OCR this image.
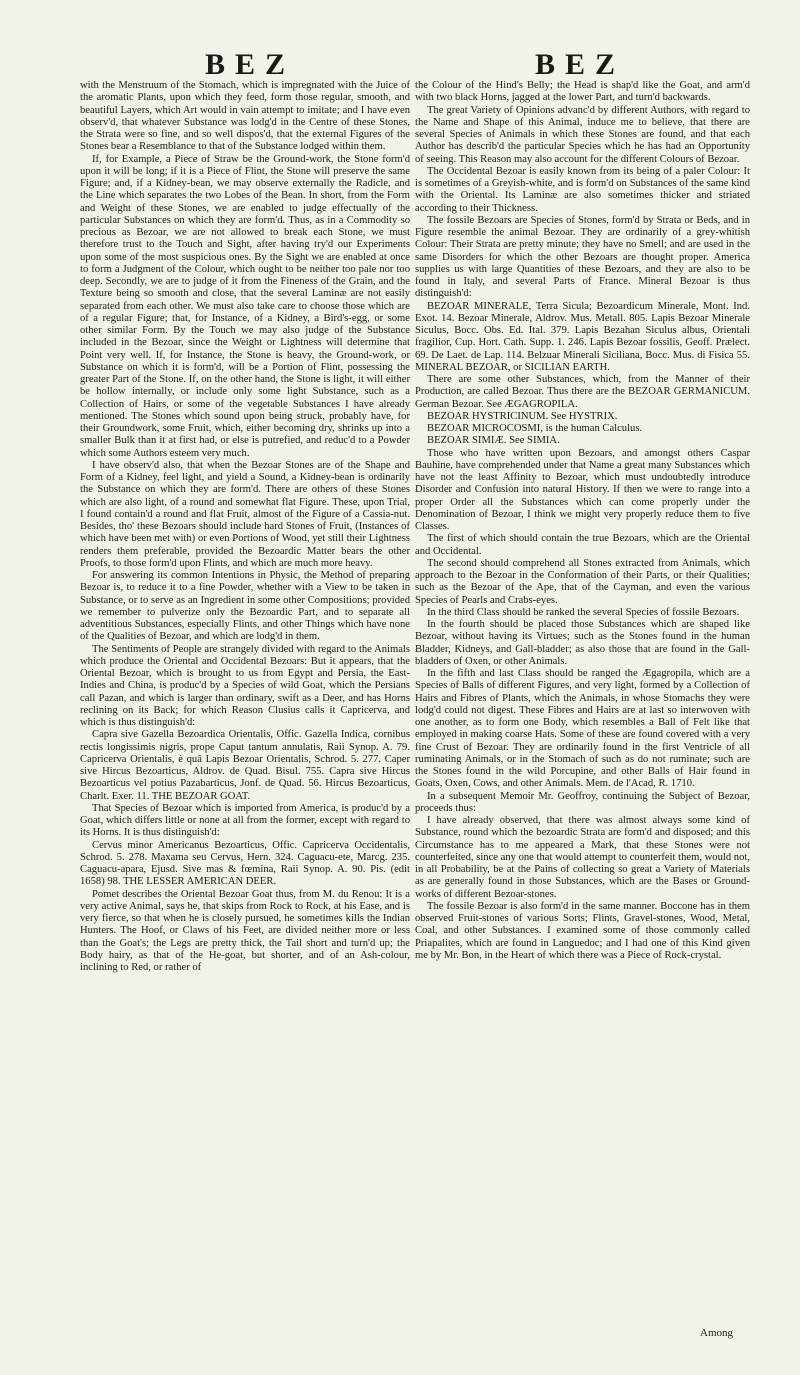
BEZ	BEZ

with the Menstruum of the Stomach, which is impregnated with the Juice of the aromatic Plants, upon which they feed, form those regular, smooth, and beautiful Layers, which Art would in vain attempt to imitate; and I have even observ'd, that whatever Substance was lodg'd in the Centre of these Stones, the Strata were so fine, and so well dispos'd, that the external Figures of the Stones bear a Resemblance to that of the Substance lodged within them.

If, for Example, a Piece of Straw be the Ground-work, the Stone form'd upon it will be long; if it is a Piece of Flint, the Stone will preserve the same Figure; and, if a Kidney-bean, we may observe externally the Radicle, and the Line which separates the two Lobes of the Bean. In short, from the Form and Weight of these Stones, we are enabled to judge effectually of the particular Substances on which they are form'd. Thus, as in a Commodity so precious as Bezoar, we are not allowed to break each Stone, we must therefore trust to the Touch and Sight, after having try'd our Experiments upon some of the most suspicious ones. By the Sight we are enabled at once to form a Judgment of the Colour, which ought to be neither too pale nor too deep. Secondly, we are to judge of it from the Fineness of the Grain, and the Texture being so smooth and close, that the several Laminæ are not easily separated from each other. We must also take care to choose those which are of a regular Figure; that, for Instance, of a Kidney, a Bird's-egg, or some other similar Form. By the Touch we may also judge of the Substance included in the Bezoar, since the Weight or Lightness will determine that Point very well. If, for Instance, the Stone is heavy, the Ground-work, or Substance on which it is form'd, will be a Portion of Flint, possessing the greater Part of the Stone. If, on the other hand, the Stone is light, it will either be hollow internally, or include only some light Substance, such as a Collection of Hairs, or some of the vegetable Substances I have already mentioned. The Stones which sound upon being struck, probably have, for their Groundwork, some Fruit, which, either becoming dry, shrinks up into a smaller Bulk than it at first had, or else is putrefied, and reduc'd to a Powder which some Authors esteem very much.

I have observ'd also, that when the Bezoar Stones are of the Shape and Form of a Kidney, feel light, and yield a Sound, a Kidney-bean is ordinarily the Substance on which they are form'd. There are others of these Stones which are also light, of a round and somewhat flat Figure. These, upon Trial, I found contain'd a round and flat Fruit, almost of the Figure of a Cassia-nut. Besides, tho' these Bezoars should include hard Stones of Fruit, (Instances of which have been met with) or even Portions of Wood, yet still their Lightness renders them preferable, provided the Bezoardic Matter bears the other Proofs, to those form'd upon Flints, and which are much more heavy.

For answering its common Intentions in Physic, the Method of preparing Bezoar is, to reduce it to a fine Powder, whether with a View to be taken in Substance, or to serve as an Ingredient in some other Compositions; provided we remember to pulverize only the Bezoardic Part, and to separate all adventitious Substances, especially Flints, and other Things which have none of the Qualities of Bezoar, and which are lodg'd in them.

The Sentiments of People are strangely divided with regard to the Animals which produce the Oriental and Occidental Bezoars: But it appears, that the Oriental Bezoar, which is brought to us from Egypt and Persia, the East-Indies and China, is produc'd by a Species of wild Goat, which the Persians call Pazan, and which is larger than ordinary, swift as a Deer, and has Horns reclining on its Back; for which Reason Clusius calls it Capricerva, and which is thus distinguish'd:

Capra sive Gazella Bezoardica Orientalis, Offic. Gazella Indica, cornibus rectis longissimis nigris, prope Caput tantum annulatis, Raii Synop. A. 79. Capricerva Orientalis, è quâ Lapis Bezoar Orientalis, Schrod. 5. 277. Caper sive Hircus Bezoarticus, Aldrov. de Quad. Bisul. 755. Capra sive Hircus Bezoarticus vel potius Pazabarticus, Jonf. de Quad. 56. Hircus Bezoarticus, Charlt. Exer. 11. THE BEZOAR GOAT.

That Species of Bezoar which is imported from America, is produc'd by a Goat, which differs little or none at all from the former, except with regard to its Horns. It is thus distinguish'd:

Cervus minor Americanus Bezoarticus, Offic. Capricerva Occidentalis, Schrod. 5. 278. Maxama seu Cervus, Hern. 324. Caguacu-ete, Marcg. 235. Caguacu-apara, Ejusd. Sive mas & fœmina, Raii Synop. A. 90. Pis. (edit 1658) 98. THE LESSER AMERICAN DEER.

Pomet describes the Oriental Bezoar Goat thus, from M. du Renou: It is a very active Animal, says he, that skips from Rock to Rock, at his Ease, and is very fierce, so that when he is closely pursued, he sometimes kills the Indian Hunters. The Hoof, or Claws of his Feet, are divided neither more or less than the Goat's; the Legs are pretty thick, the Tail short and turn'd up; the Body hairy, as that of the He-goat, but shorter, and of an Ash-colour, inclining to Red, or rather of

the Colour of the Hind's Belly; the Head is shap'd like the Goat, and arm'd with two black Horns, jagged at the lower Part, and turn'd backwards.

The great Variety of Opinions advanc'd by different Authors, with regard to the Name and Shape of this Animal, induce me to believe, that there are several Species of Animals in which these Stones are found, and that each Author has describ'd the particular Species which he has had an Opportunity of seeing. This Reason may also account for the different Colours of Bezoar.

The Occidental Bezoar is easily known from its being of a paler Colour: It is sometimes of a Greyish-white, and is form'd on Substances of the same kind with the Oriental. Its Laminæ are also sometimes thicker and striated according to their Thickness.

The fossile Bezoars are Species of Stones, form'd by Strata or Beds, and in Figure resemble the animal Bezoar. They are ordinarily of a grey-whitish Colour: Their Strata are pretty minute; they have no Smell; and are used in the same Disorders for which the other Bezoars are thought proper. America supplies us with large Quantities of these Bezoars, and they are also to be found in Italy, and several Parts of France. Mineral Bezoar is thus distinguish'd:

BEZOAR MINERALE, Terra Sicula; Bezoardicum Minerale, Mont. Ind. Exot. 14. Bezoar Minerale, Aldrov. Mus. Metall. 805. Lapis Bezoar Minerale Siculus, Bocc. Obs. Ed. Ital. 379. Lapis Bezahan Siculus albus, Orientali fragilior, Cup. Hort. Cath. Supp. 1. 246. Lapis Bezoar fossilis, Geoff. Prælect. 69. De Laet. de Lap. 114. Belzuar Minerali Siciliana, Bocc. Mus. di Fisica 55. MINERAL BEZOAR, or SICILIAN EARTH.

There are some other Substances, which, from the Manner of their Production, are called Bezoar. Thus there are the BEZOAR GERMANICUM. German Bezoar. See ÆGAGROPILA.

BEZOAR HYSTRICINUM. See HYSTRIX.

BEZOAR MICROCOSMI, is the human Calculus.

BEZOAR SIMIÆ. See SIMIA.

Those who have written upon Bezoars, and amongst others Caspar Bauhine, have comprehended under that Name a great many Substances which have not the least Affinity to Bezoar, which must undoubtedly introduce Disorder and Confusion into natural History. If then we were to range into a proper Order all the Substances which can come properly under the Denomination of Bezoar, I think we might very properly reduce them to five Classes.

The first of which should contain the true Bezoars, which are the Oriental and Occidental.

The second should comprehend all Stones extracted from Animals, which approach to the Bezoar in the Conformation of their Parts, or their Qualities; such as the Bezoar of the Ape, that of the Cayman, and even the various Species of Pearls and Crabs-eyes.

In the third Class should be ranked the several Species of fossile Bezoars.

In the fourth should be placed those Substances which are shaped like Bezoar, without having its Virtues; such as the Stones found in the human Bladder, Kidneys, and Gall-bladder; as also those that are found in the Gall-bladders of Oxen, or other Animals.

In the fifth and last Class should be ranged the Ægagropila, which are a Species of Balls of different Figures, and very light, formed by a Collection of Hairs and Fibres of Plants, which the Animals, in whose Stomachs they were lodg'd could not digest. These Fibres and Hairs are at last so interwoven with one another, as to form one Body, which resembles a Ball of Felt like that employed in making coarse Hats. Some of these are found covered with a very fine Crust of Bezoar. They are ordinarily found in the first Ventricle of all ruminating Animals, or in the Stomach of such as do not ruminate; such are the Stones found in the wild Porcupine, and other Balls of Hair found in Goats, Oxen, Cows, and other Animals. Mem. de l'Acad, R. 1710.

In a subsequent Memoir Mr. Geoffroy, continuing the Subject of Bezoar, proceeds thus:

I have already observed, that there was almost always some kind of Substance, round which the bezoardic Strata are form'd and disposed; and this Circumstance has to me appeared a Mark, that these Stones were not counterfeited, since any one that would attempt to counterfeit them, would not, in all Probability, be at the Pains of collecting so great a Variety of Materials as are generally found in those Substances, which are the Bases or Ground-works of different Bezoar-stones.

The fossile Bezoar is also form'd in the same manner. Boccone has in them observed Fruit-stones of various Sorts; Flints, Gravel-stones, Wood, Metal, Coal, and other Substances. I examined some of those commonly called Priapalites, which are found in Languedoc; and I had one of this Kind given me by Mr. Bon, in the Heart of which there was a Piece of Rock-crystal.

Among
